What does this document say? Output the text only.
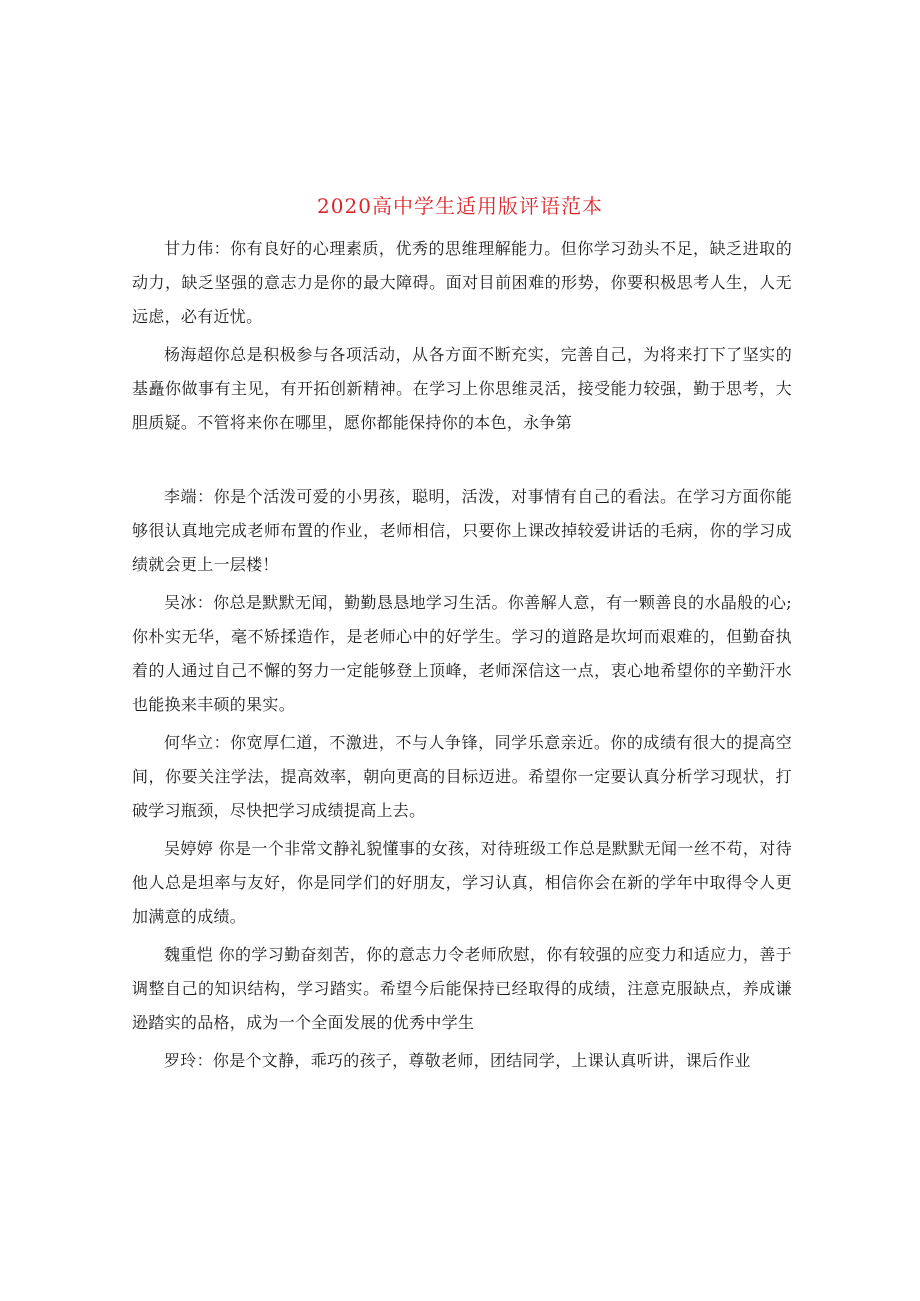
2020高中学生适用版评语范本

甘力伟：你有良好的心理素质，优秀的思维理解能力。但你学习劲头不足，缺乏进取的动力，缺乏坚强的意志力是你的最大障碍。面对目前困难的形势，你要积极思考人生，人无远虑，必有近忧。

杨海超你总是积极参与各项活动，从各方面不断充实，完善自己，为将来打下了坚实的基矗你做事有主见，有开拓创新精神。在学习上你思维灵活，接受能力较强，勤于思考，大胆质疑。不管将来你在哪里，愿你都能保持你的本色，永争第

李端：你是个活泼可爱的小男孩，聪明，活泼，对事情有自己的看法。在学习方面你能够很认真地完成老师布置的作业，老师相信，只要你上课改掉较爱讲话的毛病，你的学习成绩就会更上一层楼！

吴冰：你总是默默无闻，勤勤恳恳地学习生活。你善解人意，有一颗善良的水晶般的心;你朴实无华，毫不矫揉造作，是老师心中的好学生。学习的道路是坎坷而艰难的，但勤奋执着的人通过自己不懈的努力一定能够登上顶峰，老师深信这一点，衷心地希望你的辛勤汗水也能换来丰硕的果实。

何华立：你宽厚仁道，不激进，不与人争锋，同学乐意亲近。你的成绩有很大的提高空间，你要关注学法，提高效率，朝向更高的目标迈进。希望你一定要认真分析学习现状，打破学习瓶颈，尽快把学习成绩提高上去。

吴婷婷 你是一个非常文静礼貌懂事的女孩，对待班级工作总是默默无闻一丝不苟，对待他人总是坦率与友好，你是同学们的好朋友，学习认真，相信你会在新的学年中取得令人更加满意的成绩。

魏重恺 你的学习勤奋刻苦，你的意志力令老师欣慰，你有较强的应变力和适应力，善于调整自己的知识结构，学习踏实。希望今后能保持已经取得的成绩，注意克服缺点，养成谦逊踏实的品格，成为一个全面发展的优秀中学生

罗玲：你是个文静，乖巧的孩子，尊敬老师，团结同学，上课认真听讲，课后作业
